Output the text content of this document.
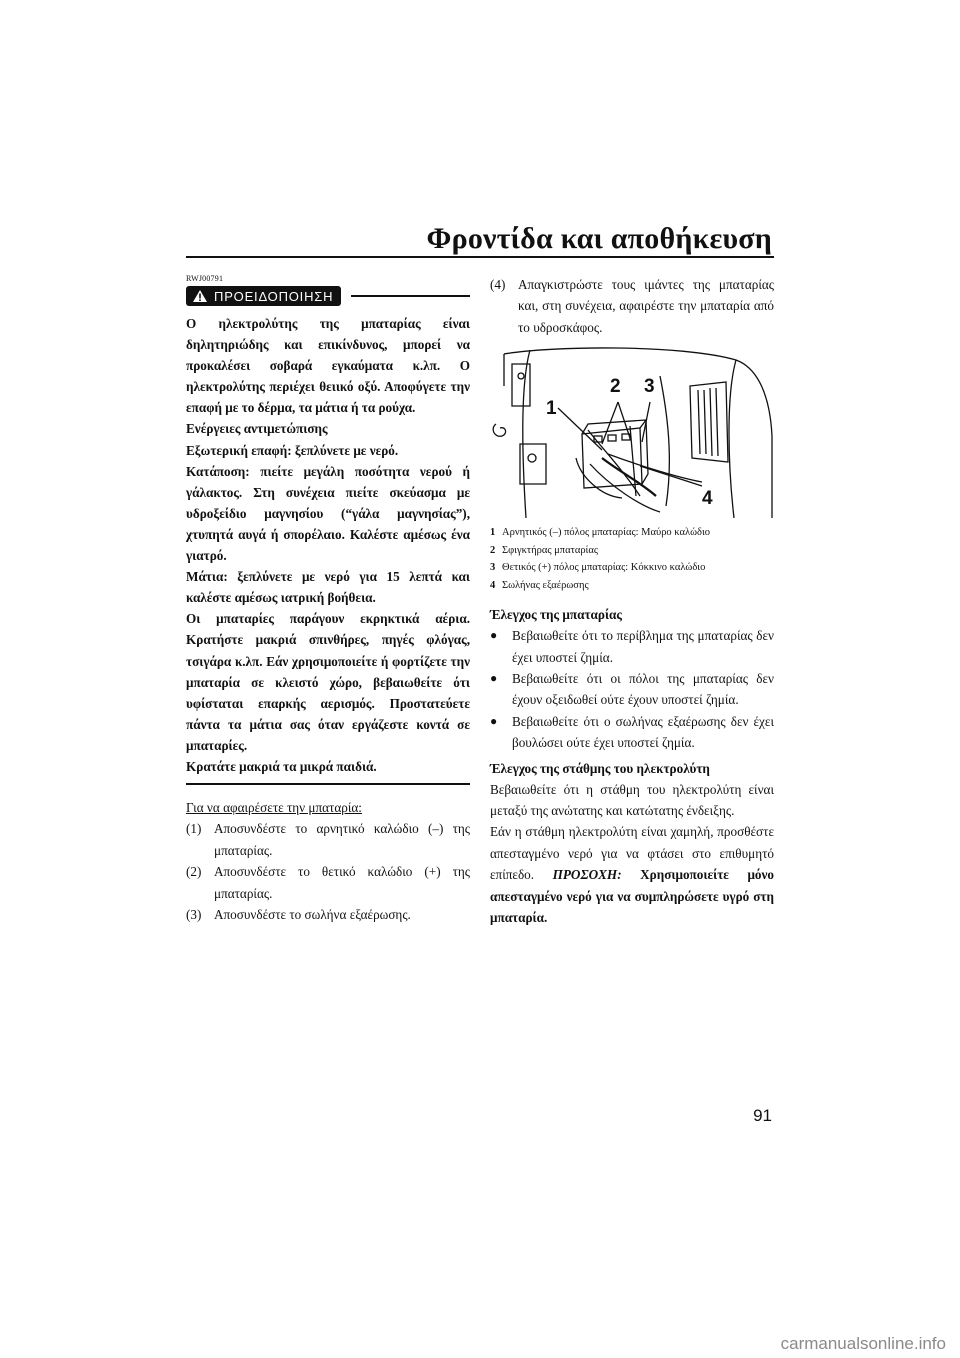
Φροντίδα και αποθήκευση
RWJ00791
ΠΡΟΕΙΔΟΠΟΙΗΣΗ

Ο ηλεκτρολύτης της μπαταρίας είναι δηλητηριώδης και επικίνδυνος, μπορεί να προκαλέσει σοβαρά εγκαύματα κ.λπ. Ο ηλεκτρολύτης περιέχει θειικό οξύ. Αποφύγετε την επαφή με το δέρμα, τα μάτια ή τα ρούχα.

Ενέργειες αντιμετώπισης

Εξωτερική επαφή: ξεπλύνετε με νερό.

Κατάποση: πιείτε μεγάλη ποσότητα νερού ή γάλακτος. Στη συνέχεια πιείτε σκεύασμα με υδροξείδιο μαγνησίου (“γάλα μαγνησίας”), χτυπητά αυγά ή σπορέλαιο. Καλέστε αμέσως ένα γιατρό.

Μάτια: ξεπλύνετε με νερό για 15 λεπτά και καλέστε αμέσως ιατρική βοήθεια.

Οι μπαταρίες παράγουν εκρηκτικά αέρια. Κρατήστε μακριά σπινθήρες, πηγές φλόγας, τσιγάρα κ.λπ. Εάν χρησιμοποιείτε ή φορτίζετε την μπαταρία σε κλειστό χώρο, βεβαιωθείτε ότι υφίσταται επαρκής αερισμός. Προστατεύετε πάντα τα μάτια σας όταν εργάζεστε κοντά σε μπαταρίες.

Κρατάτε μακριά τα μικρά παιδιά.

Για να αφαιρέσετε την μπαταρία:
(1) Αποσυνδέστε το αρνητικό καλώδιο (–) της μπαταρίας.
(2) Αποσυνδέστε το θετικό καλώδιο (+) της μπαταρίας.
(3) Αποσυνδέστε το σωλήνα εξαέρωσης.
(4) Απαγκιστρώστε τους ιμάντες της μπαταρίας και, στη συνέχεια, αφαιρέστε την μπαταρία από το υδροσκάφος.
1
2 3
4
1 Αρνητικός (–) πόλος μπαταρίας: Μαύρο καλώδιο
2 Σφιγκτήρας μπαταρίας
3 Θετικός (+) πόλος μπαταρίας: Κόκκινο καλώδιο
4 Σωλήνας εξαέρωσης
Έλεγχος της μπαταρίας
●	Βεβαιωθείτε ότι το περίβλημα της μπαταρίας δεν έχει υποστεί ζημία.
●	Βεβαιωθείτε ότι οι πόλοι της μπαταρίας δεν έχουν οξειδωθεί ούτε έχουν υποστεί ζημία.
●	Βεβαιωθείτε ότι ο σωλήνας εξαέρωσης δεν έχει βουλώσει ούτε έχει υποστεί ζημία.
Έλεγχος της στάθμης του ηλεκτρολύτη
Βεβαιωθείτε ότι η στάθμη του ηλεκτρολύτη είναι μεταξύ της ανώτατης και κατώτατης ένδειξης.
Εάν η στάθμη ηλεκτρολύτη είναι χαμηλή, προσθέστε απεσταγμένο νερό για να φτάσει στο επιθυμητό επίπεδο. ΠΡΟΣΟΧΗ: Χρησιμοποιείτε μόνο απεσταγμένο νερό για να συμπληρώσετε υγρό στη μπαταρία.
91
carmanualsonline.info
